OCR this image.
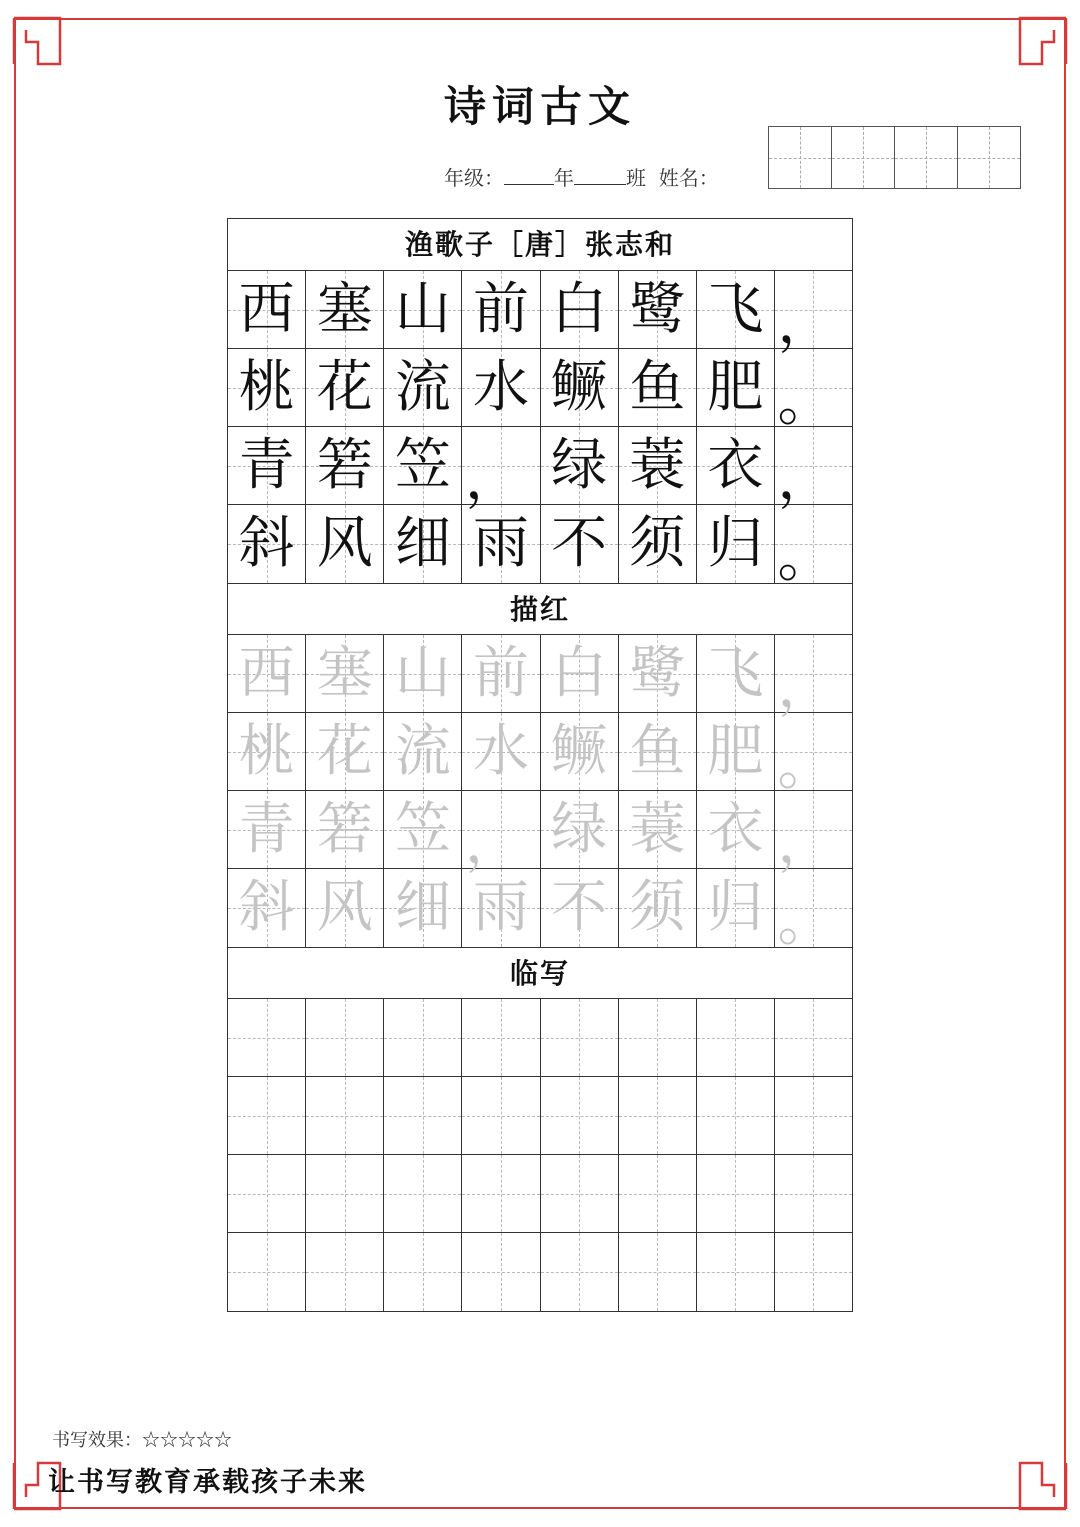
诗词古文
年级：	年	班 姓名：
渔歌子［唐］张志和
西 塞 山 前 白 鹭 飞 ，
桃 花 流 水 鳜 鱼 肥 。
青 箬 笠 ， 绿 蓑 衣 ，
斜 风 细 雨 不 须 归 。
描红
西 塞 山 前 白 鹭 飞 ，
桃 花 流 水 鳜 鱼 肥 。
青 箬 笠 ， 绿 蓑 衣 ，
斜 风 细 雨 不 须 归 。
临写
书写效果：☆☆☆☆☆
让书写教育承载孩子未来
